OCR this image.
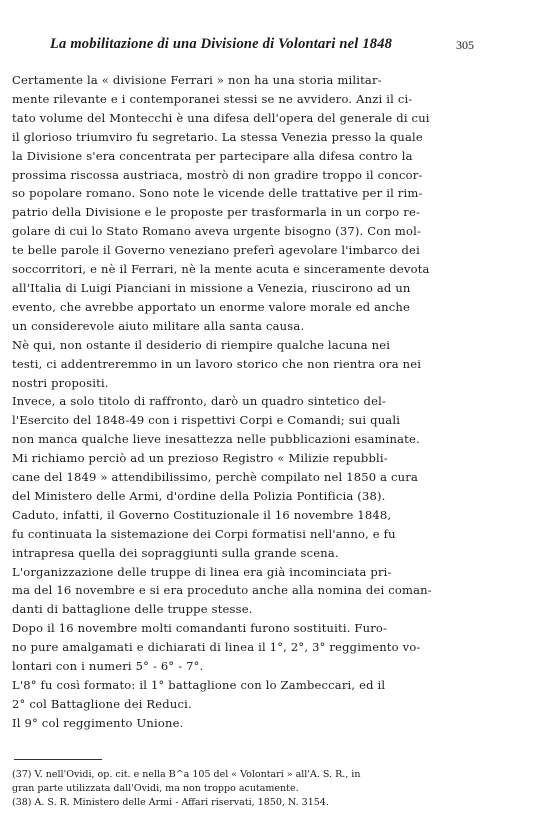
La mobilitazione di una Divisione di Volontari nel 1848	305
Certamente la « divisione Ferrari » non ha una storia militar-
mente rilevante e i contemporanei stessi se ne avvidero. Anzi il ci-
tato volume del Montecchi è una difesa dell'opera del generale di cui
il glorioso triumviro fu segretario. La stessa Venezia presso la quale
la Divisione s'era concentrata per partecipare alla difesa contro la
prossima riscossa austriaca, mostrò di non gradire troppo il concor-
so popolare romano. Sono note le vicende delle trattative per il rim-
patrio della Divisione e le proposte per trasformarla in un corpo re-
golare di cui lo Stato Romano aveva urgente bisogno (37). Con mol-
te belle parole il Governo veneziano preferì agevolare l'imbarco dei
soccorritori, e nè il Ferrari, nè la mente acuta e sinceramente devota
all'Italia di Luigi Pianciani in missione a Venezia, riuscirono ad un
evento, che avrebbe apportato un enorme valore morale ed anche
un considerevole aiuto militare alla santa causa.
Nè qui, non ostante il desiderio di riempire qualche lacuna nei
testi, ci addentreremmo in un lavoro storico che non rientra ora nei
nostri propositi.
Invece, a solo titolo di raffronto, darò un quadro sintetico del-
l'Esercito del 1848-49 con i rispettivi Corpi e Comandi; sui quali
non manca qualche lieve inesattezza nelle pubblicazioni esaminate.
Mi richiamo perciò ad un prezioso Registro « Milizie repubbli-
cane del 1849 » attendibilissimo, perchè compilato nel 1850 a cura
del Ministero delle Armi, d'ordine della Polizia Pontificia (38).
Caduto, infatti, il Governo Costituzionale il 16 novembre 1848,
fu continuata la sistemazione dei Corpi formatisi nell'anno, e fu
intrapresa quella dei sopraggiunti sulla grande scena.
L'organizzazione delle truppe di linea era già incominciata pri-
ma del 16 novembre e si era proceduto anche alla nomina dei coman-
danti di battaglione delle truppe stesse.
Dopo il 16 novembre molti comandanti furono sostituiti. Furo-
no pure amalgamati e dichiarati di linea il 1°, 2°, 3° reggimento vo-
lontari con i numeri 5° - 6° - 7°.
L'8° fu così formato: il 1° battaglione con lo Zambeccari, ed il
2° col Battaglione dei Reduci.
Il 9° col reggimento Unione.
(37) V. nell'Ovidi, op. cit. e nella B^a 105 del « Volontari » all'A. S. R., in
gran parte utilizzata dall'Ovidi, ma non troppo acutamente.
(38) A. S. R. Ministero delle Armi - Affari riservati, 1850, N. 3154.
